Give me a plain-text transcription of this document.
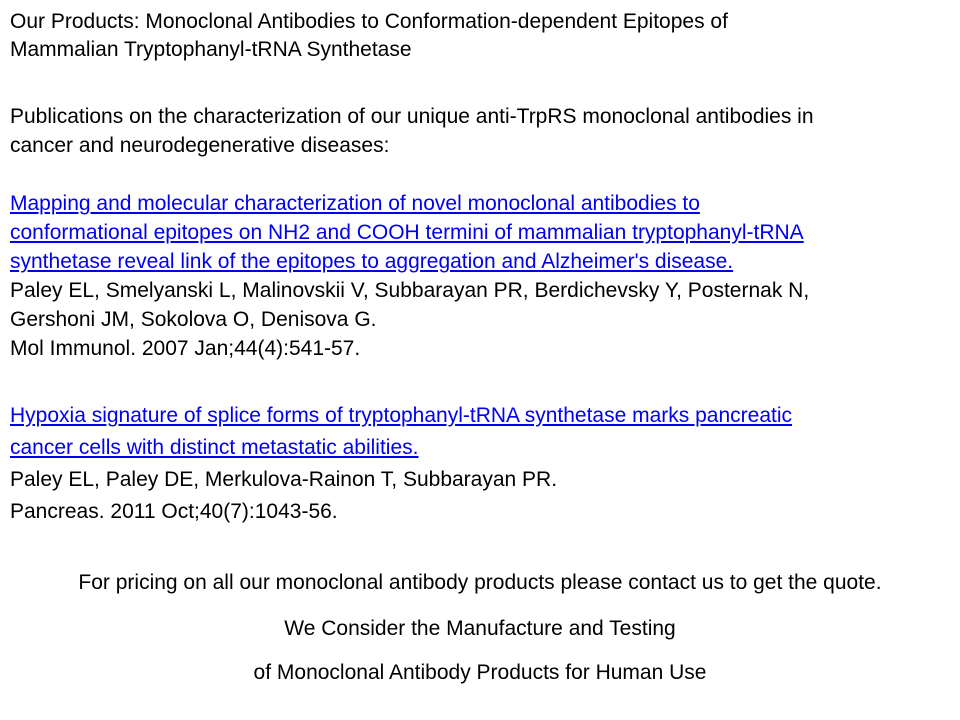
Our Products: Monoclonal Antibodies to Conformation-dependent Epitopes of
Mammalian Tryptophanyl-tRNA Synthetase
Publications on the characterization of our unique anti-TrpRS monoclonal antibodies in
cancer and neurodegenerative diseases:
Mapping and molecular characterization of novel monoclonal antibodies to
conformational epitopes on NH2 and COOH termini of mammalian tryptophanyl-tRNA
synthetase reveal link of the epitopes to aggregation and Alzheimer's disease.
Paley EL, Smelyanski L, Malinovskii V, Subbarayan PR, Berdichevsky Y, Posternak N,
Gershoni JM, Sokolova O, Denisova G.
Mol Immunol. 2007 Jan;44(4):541-57.
Hypoxia signature of splice forms of tryptophanyl-tRNA synthetase marks pancreatic
cancer cells with distinct metastatic abilities.
Paley EL, Paley DE, Merkulova-Rainon T, Subbarayan PR.
Pancreas. 2011 Oct;40(7):1043-56.
For pricing on all our monoclonal antibody products please contact us to get the quote.
We Consider the Manufacture and Testing
of Monoclonal Antibody Products for Human Use
